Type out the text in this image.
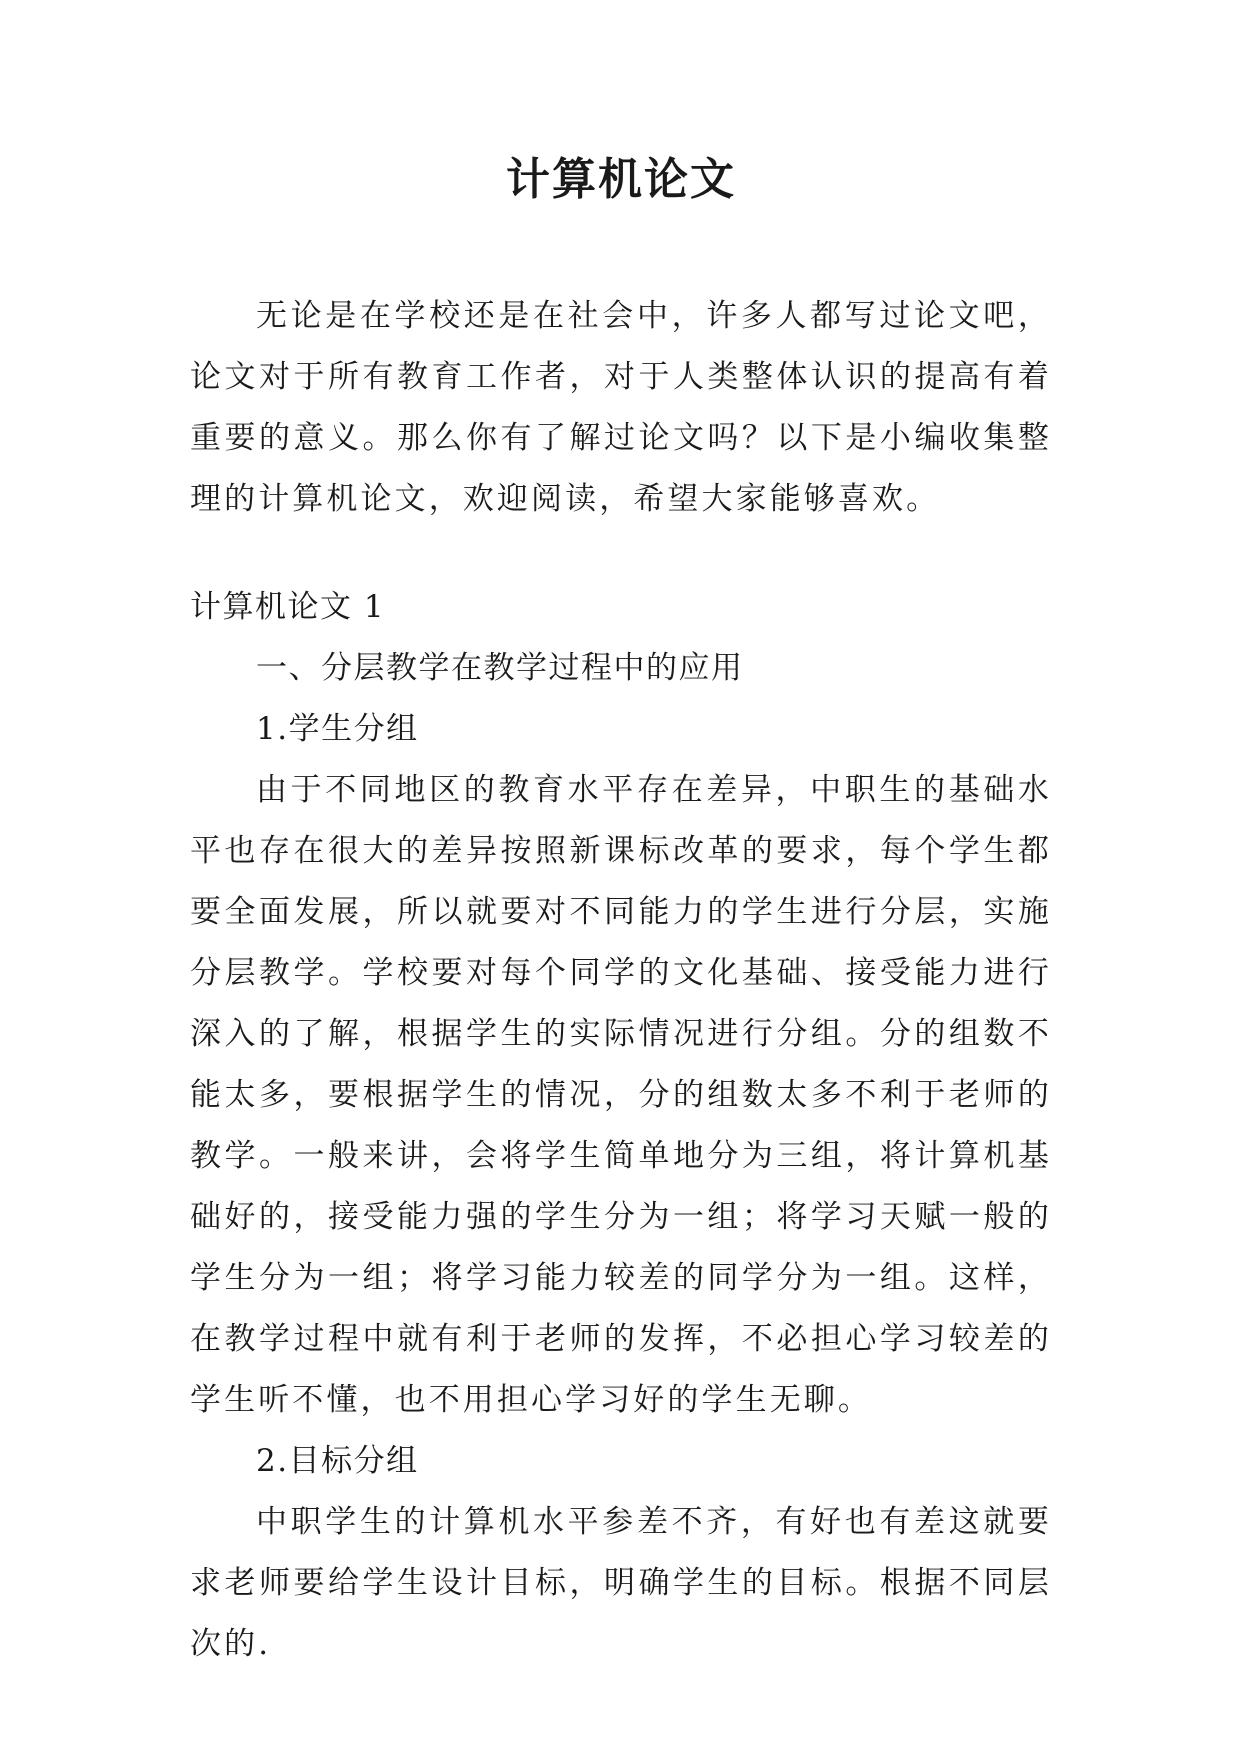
计算机论文

无论是在学校还是在社会中，许多人都写过论文吧，论文对于所有教育工作者，对于人类整体认识的提高有着重要的意义。那么你有了解过论文吗？以下是小编收集整理的计算机论文，欢迎阅读，希望大家能够喜欢。

计算机论文 1

一、分层教学在教学过程中的应用

1.学生分组

由于不同地区的教育水平存在差异，中职生的基础水平也存在很大的差异按照新课标改革的要求，每个学生都要全面发展，所以就要对不同能力的学生进行分层，实施分层教学。学校要对每个同学的文化基础、接受能力进行深入的了解，根据学生的实际情况进行分组。分的组数不能太多，要根据学生的情况，分的组数太多不利于老师的教学。一般来讲，会将学生简单地分为三组，将计算机基础好的，接受能力强的学生分为一组；将学习天赋一般的学生分为一组；将学习能力较差的同学分为一组。这样，在教学过程中就有利于老师的发挥，不必担心学习较差的学生听不懂，也不用担心学习好的学生无聊。

2.目标分组

中职学生的计算机水平参差不齐，有好也有差这就要求老师要给学生设计目标，明确学生的目标。根据不同层次的.
